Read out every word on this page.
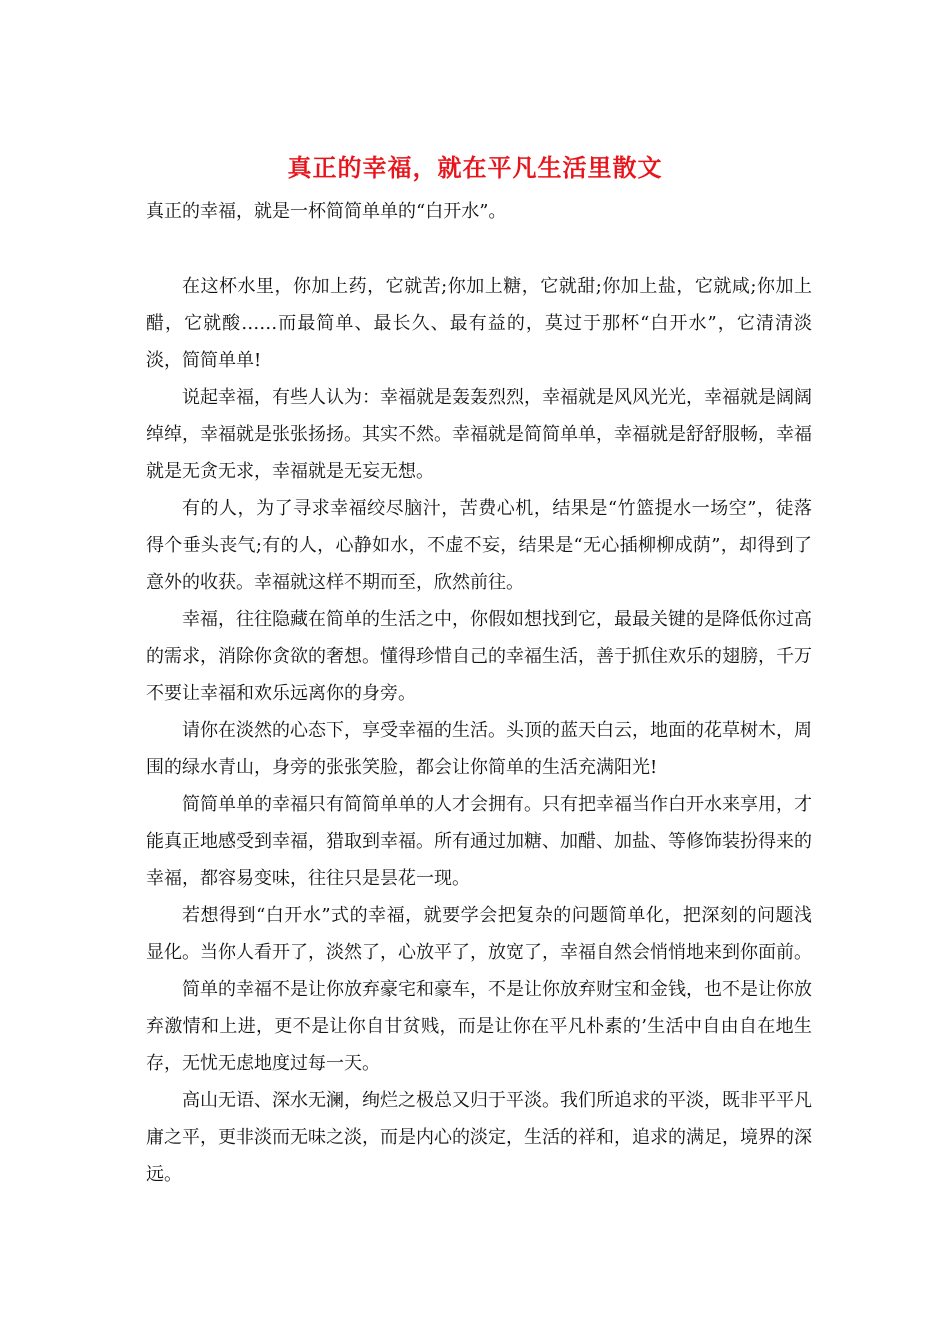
真正的幸福，就在平凡生活里散文

真正的幸福，就是一杯简简单单的“白开水”。

在这杯水里，你加上药，它就苦;你加上糖，它就甜;你加上盐，它就咸;你加上醋，它就酸……而最简单、最长久、最有益的，莫过于那杯“白开水”，它清清淡淡，简简单单!

说起幸福，有些人认为：幸福就是轰轰烈烈，幸福就是风风光光，幸福就是阔阔绰绰，幸福就是张张扬扬。其实不然。幸福就是简简单单，幸福就是舒舒服畅，幸福就是无贪无求，幸福就是无妄无想。

有的人，为了寻求幸福绞尽脑汁，苦费心机，结果是“竹篮提水一场空”，徒落得个垂头丧气;有的人，心静如水，不虚不妄，结果是“无心插柳柳成荫”，却得到了意外的收获。幸福就这样不期而至，欣然前往。

幸福，往往隐藏在简单的生活之中，你假如想找到它，最最关键的是降低你过高的需求，消除你贪欲的奢想。懂得珍惜自己的幸福生活，善于抓住欢乐的翅膀，千万不要让幸福和欢乐远离你的身旁。

请你在淡然的心态下，享受幸福的生活。头顶的蓝天白云，地面的花草树木，周围的绿水青山，身旁的张张笑脸，都会让你简单的生活充满阳光!

简简单单的幸福只有简简单单的人才会拥有。只有把幸福当作白开水来享用，才能真正地感受到幸福，猎取到幸福。所有通过加糖、加醋、加盐、等修饰装扮得来的幸福，都容易变味，往往只是昙花一现。

若想得到“白开水”式的幸福，就要学会把复杂的问题简单化，把深刻的问题浅显化。当你人看开了，淡然了，心放平了，放宽了，幸福自然会悄悄地来到你面前。

简单的幸福不是让你放弃豪宅和豪车，不是让你放弃财宝和金钱，也不是让你放弃激情和上进，更不是让你自甘贫贱，而是让你在平凡朴素的’生活中自由自在地生存，无忧无虑地度过每一天。

高山无语、深水无澜，绚烂之极总又归于平淡。我们所追求的平淡，既非平平凡庸之平，更非淡而无味之淡，而是内心的淡定，生活的祥和，追求的满足，境界的深远。
